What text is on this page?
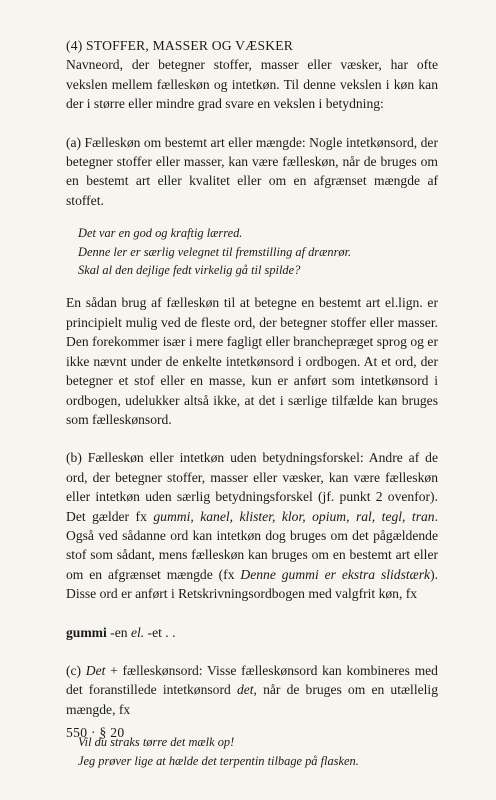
(4) STOFFER, MASSER OG VÆSKER

Navneord, der betegner stoffer, masser eller væsker, har ofte vekslen mellem fælleskøn og intetkøn. Til denne vekslen i køn kan der i større eller mindre grad svare en vekslen i betydning:

(a) Fælleskøn om bestemt art eller mængde: Nogle intetkønsord, der betegner stoffer eller masser, kan være fælleskøn, når de bruges om en bestemt art eller kvalitet eller om en afgrænset mængde af stoffet.

Det var en god og kraftig lærred.
Denne ler er særlig velegnet til fremstilling af drænrør.
Skal al den dejlige fedt virkelig gå til spilde?

En sådan brug af fælleskøn til at betegne en bestemt art el.lign. er principielt mulig ved de fleste ord, der betegner stoffer eller masser. Den forekommer især i mere fagligt eller branchepræget sprog og er ikke nævnt under de enkelte intetkønsord i ordbogen. At et ord, der betegner et stof eller en masse, kun er anført som intetkønsord i ordbogen, udelukker altså ikke, at det i særlige tilfælde kan bruges som fælleskønsord.

(b) Fælleskøn eller intetkøn uden betydningsforskel: Andre af de ord, der betegner stoffer, masser eller væsker, kan være fælleskøn eller intetkøn uden særlig betydningsforskel (jf. punkt 2 ovenfor). Det gælder fx gummi, kanel, klister, klor, opium, ral, tegl, tran. Også ved sådanne ord kan intetkøn dog bruges om det pågældende stof som sådant, mens fælleskøn kan bruges om en bestemt art eller om en afgrænset mængde (fx Denne gummi er ekstra slidstærk). Disse ord er anført i Retskrivningsordbogen med valgfrit køn, fx

gummi -en el. -et . .

(c) Det + fælleskønsord: Visse fælleskønsord kan kombineres med det foranstillede intetkønsord det, når de bruges om en utællelig mængde, fx

Vil du straks tørre det mælk op!
Jeg prøver lige at hælde det terpentin tilbage på flasken.
550 · § 20
